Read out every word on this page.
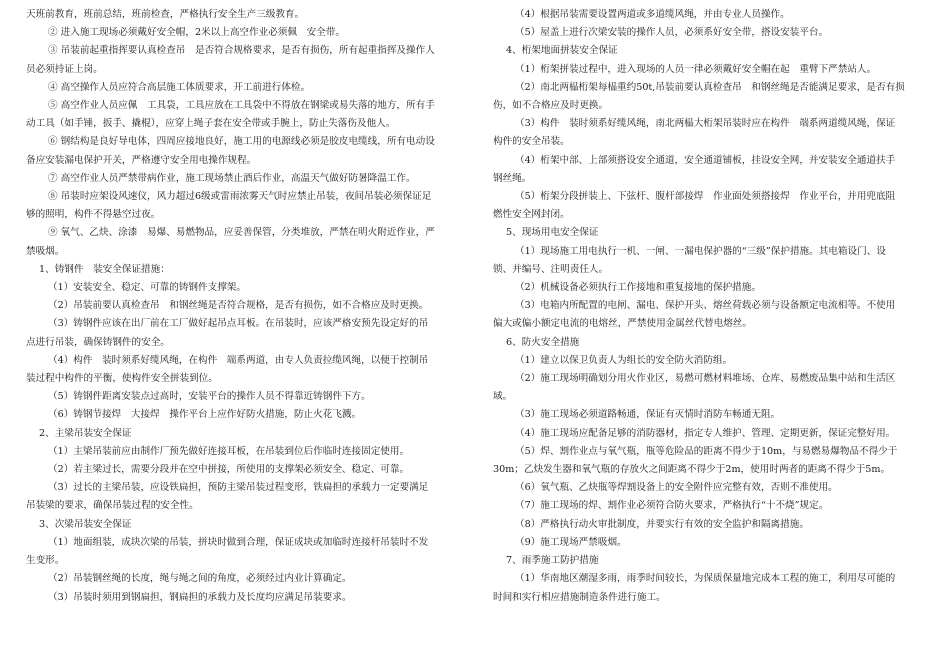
天班前教育，班前总结，班前检查，严格执行安全生产三级教育。
② 进入施工现场必须戴好安全帽，2米以上高空作业必须佩　安全带。
③ 吊装前起重指挥要认真检查吊　是否符合规格要求，是否有损伤，所有起重指挥及操作人
员必须持证上岗。
④ 高空操作人员应符合高层施工体质要求，开工前进行体检。
⑤ 高空作业人员应佩　工具袋，工具应放在工具袋中不得放在钢梁或易失落的地方，所有手
动工具（如手锤，扳手、撬棍），应穿上绳子套在安全带或手腕上，防止失落伤及他人。
⑥ 钢结构是良好导电体，四周应接地良好，施工用的电源线必须是胶皮电缆线，所有电动设
备应安装漏电保护开关，严格遵守安全用电操作规程。
⑦ 高空作业人员严禁带病作业，施工现场禁止酒后作业，高温天气做好防暑降温工作。
⑧ 吊装时应架设风速仪，风力超过6级或雷雨浓雾天气时应禁止吊装，夜间吊装必须保证足
够的照明，构件不得悬空过夜。
⑨ 氧气、乙炔、涂漆　易爆、易燃物品，应妥善保管，分类堆放，严禁在明火附近作业，严
禁吸烟。
1、铸钢件　装安全保证措施：
（1）安装安全、稳定、可靠的铸钢件支撑架。
（2）吊装前要认真检查吊　和钢丝绳是否符合规格，是否有损伤，如不合格应及时更换。
（3）铸钢件应该在出厂前在工厂做好起吊点耳板。在吊装时，应该严格安预先设定好的吊
点进行吊装，确保铸钢件的安全。
（4）构件　装时须系好缆风绳，在构件　端系两道，由专人负责拉缆风绳，以便于控制吊
装过程中构件的平衡，使构件安全拼装到位。
（5）铸钢件距离安装点过高时，安装平台的操作人员不得靠近铸钢件下方。
（6）铸钢节接焊　大接焊　操作平台上应作好防火措施，防止火花飞溅。
2、主梁吊装安全保证
（1）主梁吊装前应由制作厂预先做好连接耳板，在吊装到位后作临时连接固定使用。
（2）若主梁过长，需要分段并在空中拼接，所使用的支撑架必须安全、稳定、可靠。
（3）过长的主梁吊装，应设铁扁担，预防主梁吊装过程变形，铁扁担的承载力一定要满足
吊装梁的要求，确保吊装过程的安全性。
3、次梁吊装安全保证
（1）地面组装，成块次梁的吊装，拼块时做到合理，保证成块或加临时连接杆吊装时不发
生变形。
（2）吊装钢丝绳的长度，绳与绳之间的角度，必须经过内业计算确定。
（3）吊装时须用到钢扁担，钢扁担的承载力及长度均应满足吊装要求。
（4）根据吊装需要设置两道或多道缆风绳，并由专业人员操作。
（5）屋盖上进行次梁安装的操作人员，必须系好安全带，搭设安装平台。
4、桁架地面拼装安全保证
（1）桁架拼装过程中，进入现场的人员一律必须戴好安全帽在起　重臂下严禁站人。
（2）南北两榀桁架每榀重约50t,吊装前要认真检查吊　和钢丝绳是否能满足要求，是否有损
伤，如不合格应及时更换。
（3）构件　装时须系好缆风绳，南北两榀大桁架吊装时应在构件　端系两道缆风绳，保证
构件的安全吊装。
（4）桁架中部、上部须搭设安全通道，安全通道铺板，挂设安全网，并安装安全通道扶手
钢丝绳。
（5）桁架分段拼装上、下弦杆、腹杆部接焊　作业面处须搭接焊　作业平台，并用兜底阻
燃性安全网封闭。
5、现场用电安全保证
（1）现场施工用电执行一机、一闸、一漏电保护器的“三级”保护措施。其电箱设门、设
锁、并编号、注明责任人。
（2）机械设备必须执行工作接地和重复接地的保护措施。
（3）电箱内所配置的电闸、漏电、保护开头、熔丝荷载必须与设备额定电流相等。不使用
偏大或偏小额定电流的电熔丝，严禁使用金属丝代替电熔丝。
6、防火安全措施
（1）建立以保卫负责人为组长的安全防火消防组。
（2）施工现场明确划分用火作业区，易燃可燃材料堆场、仓库、易燃废品集中站和生活区
域。
（3）施工现场必须道路畅通，保证有灭情时消防车畅通无阻。
（4）施工现场应配备足够的消防器材，指定专人维护、管理、定期更新，保证完整好用。
（5）焊、割作业点与氧气瓶，瓶等危险品的距离不得少于10m，与易燃易爆物品不得少于
30m；乙炔发生器和氧气瓶的存放火之间距离不得少于2m，使用时两者的距离不得少于5m。
（6）氧气瓶、乙炔瓶等焊割设备上的安全附件应完整有效，否则不准使用。
（7）施工现场的焊、割作业必须符合防火要求，严格执行“十不烧”规定。
（8）严格执行动火审批制度，并要实行有效的安全监护和隔离措施。
（9）施工现场严禁吸烟。
7、雨季施工防护措施
（1）华南地区潮湿多雨，雨季时间较长，为保质保量地完成本工程的施工，利用尽可能的
时间和实行相应措施制造条件进行施工。
